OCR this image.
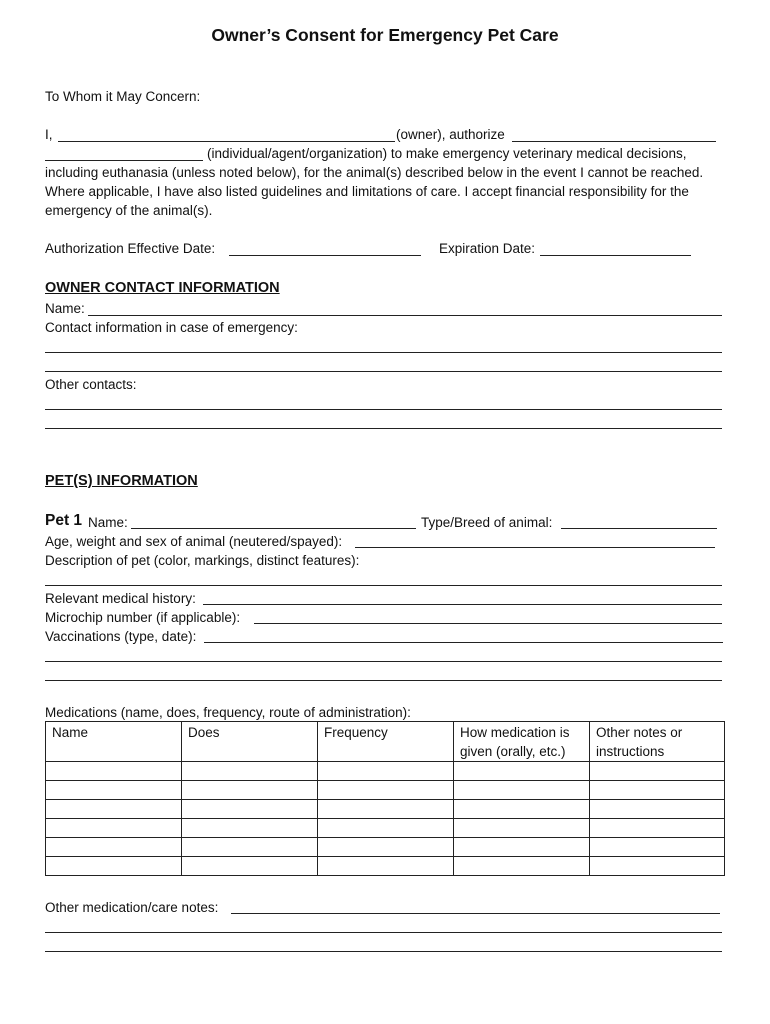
Owner’s Consent for Emergency Pet Care
To Whom it May Concern:
I,	(owner), authorize
(individual/agent/organization) to make emergency veterinary medical decisions,
including euthanasia (unless noted below), for the animal(s) described below in the event I cannot be reached.
Where applicable, I have also listed guidelines and limitations of care. I accept financial responsibility for the
emergency of the animal(s).
Authorization Effective Date:	Expiration Date:
OWNER CONTACT INFORMATION
Name:
Contact information in case of emergency:
Other contacts:
PET(S) INFORMATION
Pet 1 Name:	Type/Breed of animal:
Age, weight and sex of animal (neutered/spayed):
Description of pet (color, markings, distinct features):
Relevant medical history:
Microchip number (if applicable):
Vaccinations (type, date):
Medications (name, does, frequency, route of administration):
Name	Does	Frequency	How medication is given (orally, etc.)	Other notes or instructions

Other medication/care notes:
